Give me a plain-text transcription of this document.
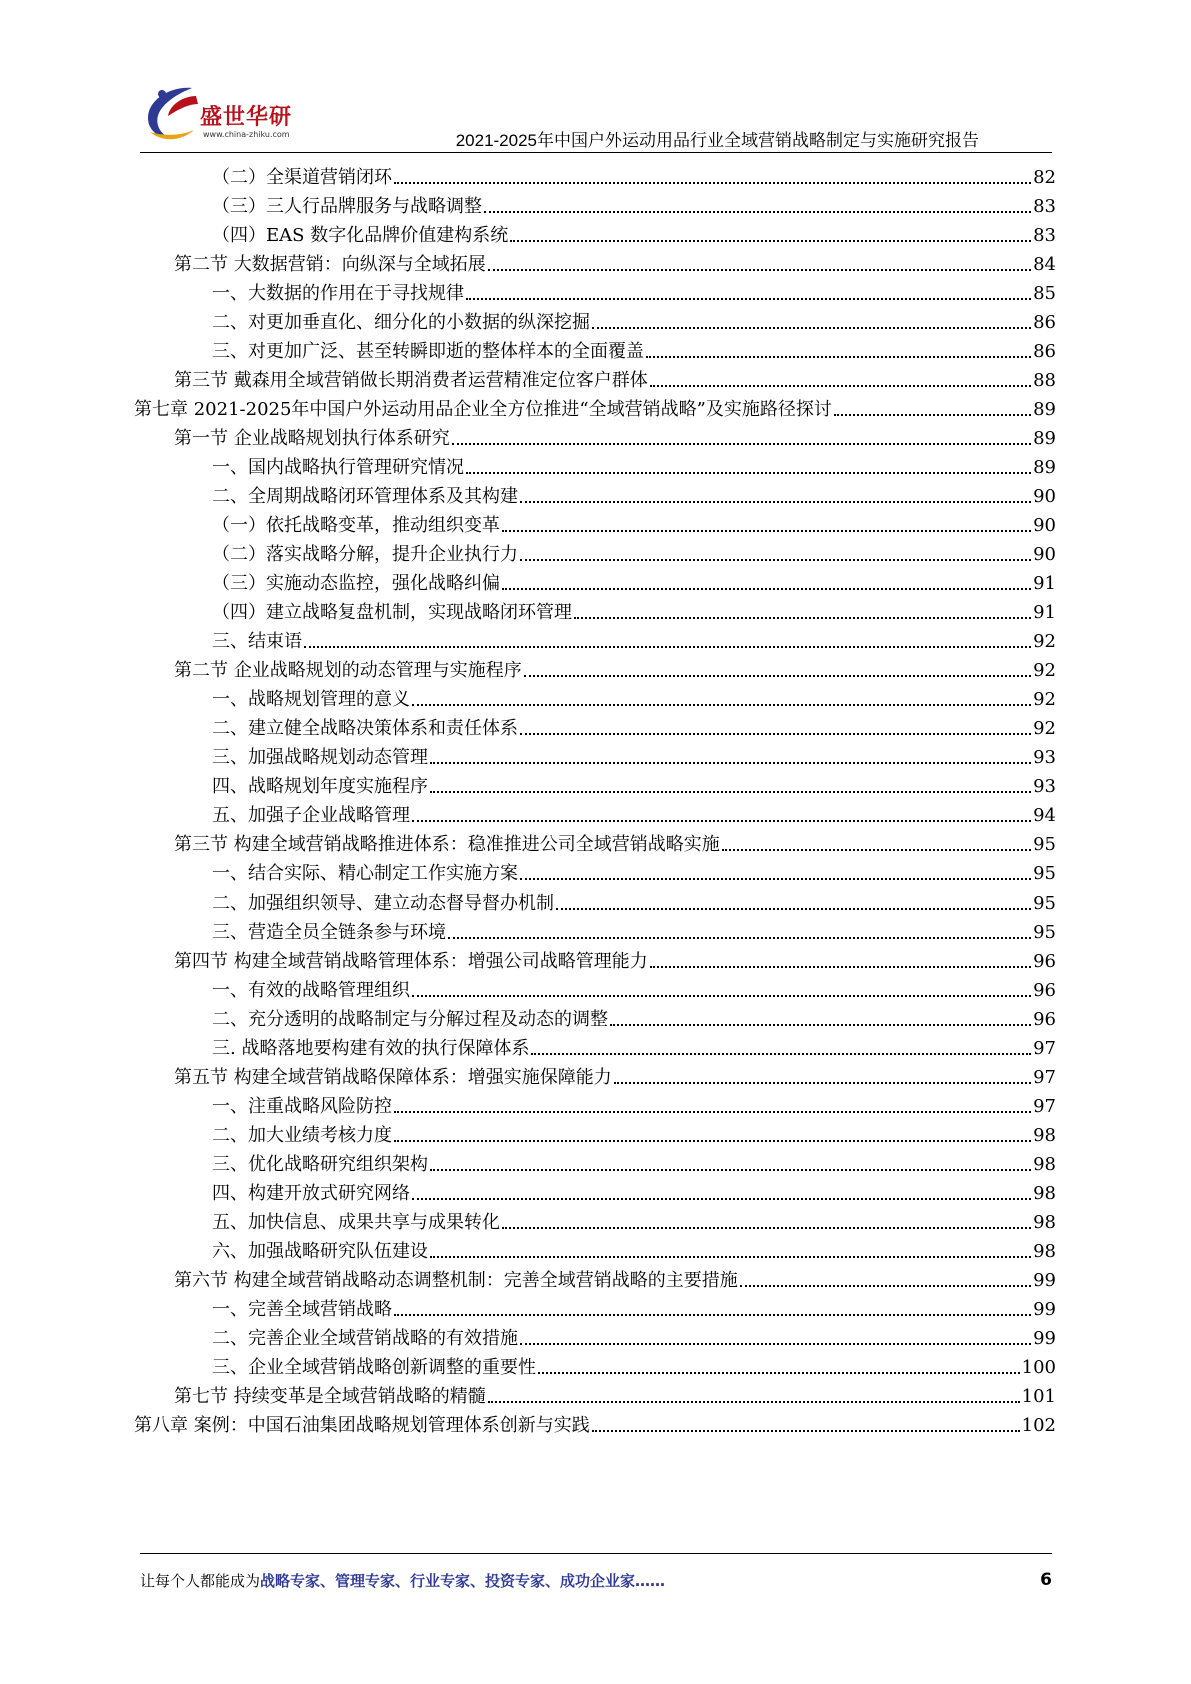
盛世华研
www.china-zhiku.com	2021-2025年中国户外运动用品行业全域营销战略制定与实施研究报告
（二）全渠道营销闭环	82
（三）三人行品牌服务与战略调整	83
（四）EAS 数字化品牌价值建构系统	83
第二节 大数据营销：向纵深与全域拓展	84
一、大数据的作用在于寻找规律	85
二、对更加垂直化、细分化的小数据的纵深挖掘	86
三、对更加广泛、甚至转瞬即逝的整体样本的全面覆盖	86
第三节 戴森用全域营销做长期消费者运营精准定位客户群体	88
第七章 2021-2025年中国户外运动用品企业全方位推进“全域营销战略”及实施路径探讨	89
第一节 企业战略规划执行体系研究	89
一、国内战略执行管理研究情况	89
二、全周期战略闭环管理体系及其构建	90
（一）依托战略变革，推动组织变革	90
（二）落实战略分解，提升企业执行力	90
（三）实施动态监控，强化战略纠偏	91
（四）建立战略复盘机制，实现战略闭环管理	91
三、结束语	92
第二节 企业战略规划的动态管理与实施程序	92
一、战略规划管理的意义	92
二、建立健全战略决策体系和责任体系	92
三、加强战略规划动态管理	93
四、战略规划年度实施程序	93
五、加强子企业战略管理	94
第三节 构建全域营销战略推进体系：稳准推进公司全域营销战略实施	95
一、结合实际、精心制定工作实施方案	95
二、加强组织领导、建立动态督导督办机制	95
三、营造全员全链条参与环境	95
第四节 构建全域营销战略管理体系：增强公司战略管理能力	96
一、有效的战略管理组织	96
二、充分透明的战略制定与分解过程及动态的调整	96
三. 战略落地要构建有效的执行保障体系	97
第五节 构建全域营销战略保障体系：增强实施保障能力	97
一、注重战略风险防控	97
二、加大业绩考核力度	98
三、优化战略研究组织架构	98
四、构建开放式研究网络	98
五、加快信息、成果共享与成果转化	98
六、加强战略研究队伍建设	98
第六节 构建全域营销战略动态调整机制：完善全域营销战略的主要措施	99
一、完善全域营销战略	99
二、完善企业全域营销战略的有效措施	99
三、企业全域营销战略创新调整的重要性	100
第七节 持续变革是全域营销战略的精髓	101
第八章 案例：中国石油集团战略规划管理体系创新与实践	102
让每个人都能成为战略专家、管理专家、行业专家、投资专家、成功企业家……	6
